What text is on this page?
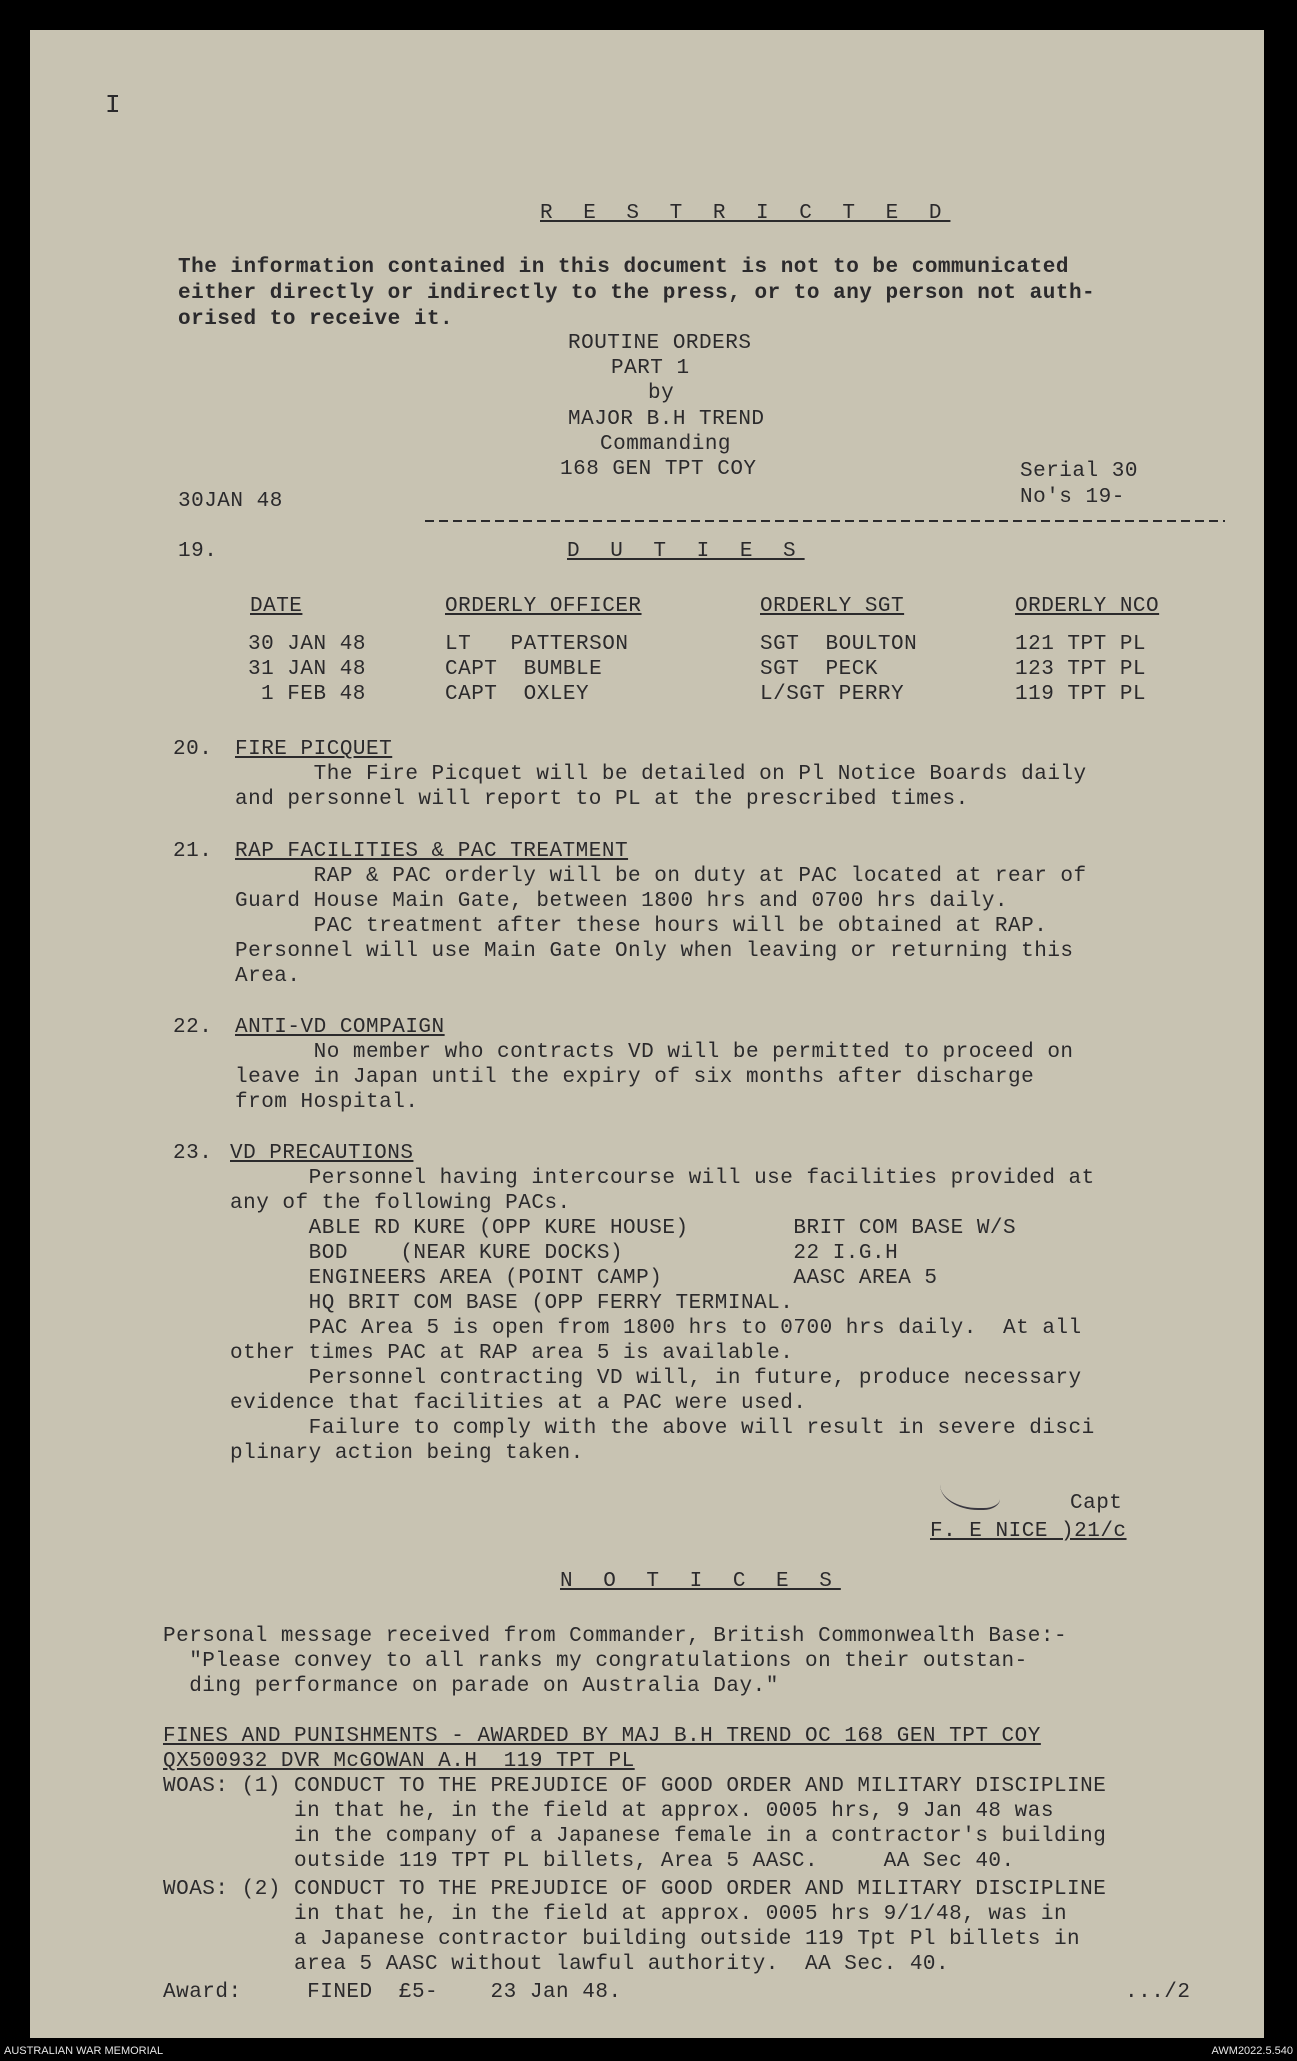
I
R E S T R I C T E D
The information contained in this document is not to be communicated
either directly or indirectly to the press, or to any person not auth-
orised to receive it.
ROUTINE ORDERS
PART 1
by
MAJOR B.H TREND
Commanding
168 GEN TPT COY
30JAN 48
Serial 30
No's 19-
19.	D U T I E S
DATE	ORDERLY OFFICER	ORDERLY SGT	ORDERLY NCO
30 JAN 48	LT   PATTERSON	SGT  BOULTON	121 TPT PL
31 JAN 48	CAPT  BUMBLE	SGT  PECK	123 TPT PL
1 FEB 48	CAPT  OXLEY	L/SGT PERRY	119 TPT PL
20. FIRE PICQUET
The Fire Picquet will be detailed on Pl Notice Boards daily
and personnel will report to PL at the prescribed times.
21. RAP FACILITIES & PAC TREATMENT
RAP & PAC orderly will be on duty at PAC located at rear of
Guard House Main Gate, between 1800 hrs and 0700 hrs daily.
PAC treatment after these hours will be obtained at RAP.
Personnel will use Main Gate Only when leaving or returning this
Area.
22. ANTI-VD COMPAIGN
No member who contracts VD will be permitted to proceed on
leave in Japan until the expiry of six months after discharge
from Hospital.
23. VD PRECAUTIONS
Personnel having intercourse will use facilities provided at
any of the following PACs.
ABLE RD KURE (OPP KURE HOUSE)        BRIT COM BASE W/S
BOD    (NEAR KURE DOCKS)             22 I.G.H
ENGINEERS AREA (POINT CAMP)          AASC AREA 5
HQ BRIT COM BASE (OPP FERRY TERMINAL.
PAC Area 5 is open from 1800 hrs to 0700 hrs daily.  At all
other times PAC at RAP area 5 is available.
Personnel contracting VD will, in future, produce necessary
evidence that facilities at a PAC were used.
Failure to comply with the above will result in severe disci
plinary action being taken.
Capt
F. E NICE )21/c
N O T I C E S
Personal message received from Commander, British Commonwealth Base:-
"Please convey to all ranks my congratulations on their outstan-
ding performance on parade on Australia Day."
FINES AND PUNISHMENTS - AWARDED BY MAJ B.H TREND OC 168 GEN TPT COY
QX500932 DVR McGOWAN A.H  119 TPT PL
WOAS: (1) CONDUCT TO THE PREJUDICE OF GOOD ORDER AND MILITARY DISCIPLINE
in that he, in the field at approx. 0005 hrs, 9 Jan 48 was
in the company of a Japanese female in a contractor's building
outside 119 TPT PL billets, Area 5 AASC.     AA Sec 40.
WOAS: (2) CONDUCT TO THE PREJUDICE OF GOOD ORDER AND MILITARY DISCIPLINE
in that he, in the field at approx. 0005 hrs 9/1/48, was in
a Japanese contractor building outside 119 Tpt Pl billets in
area 5 AASC without lawful authority.  AA Sec. 40.
Award:     FINED  £5-    23 Jan 48.	.../2
AUSTRALIAN WAR MEMORIAL	AWM2022.5.540
